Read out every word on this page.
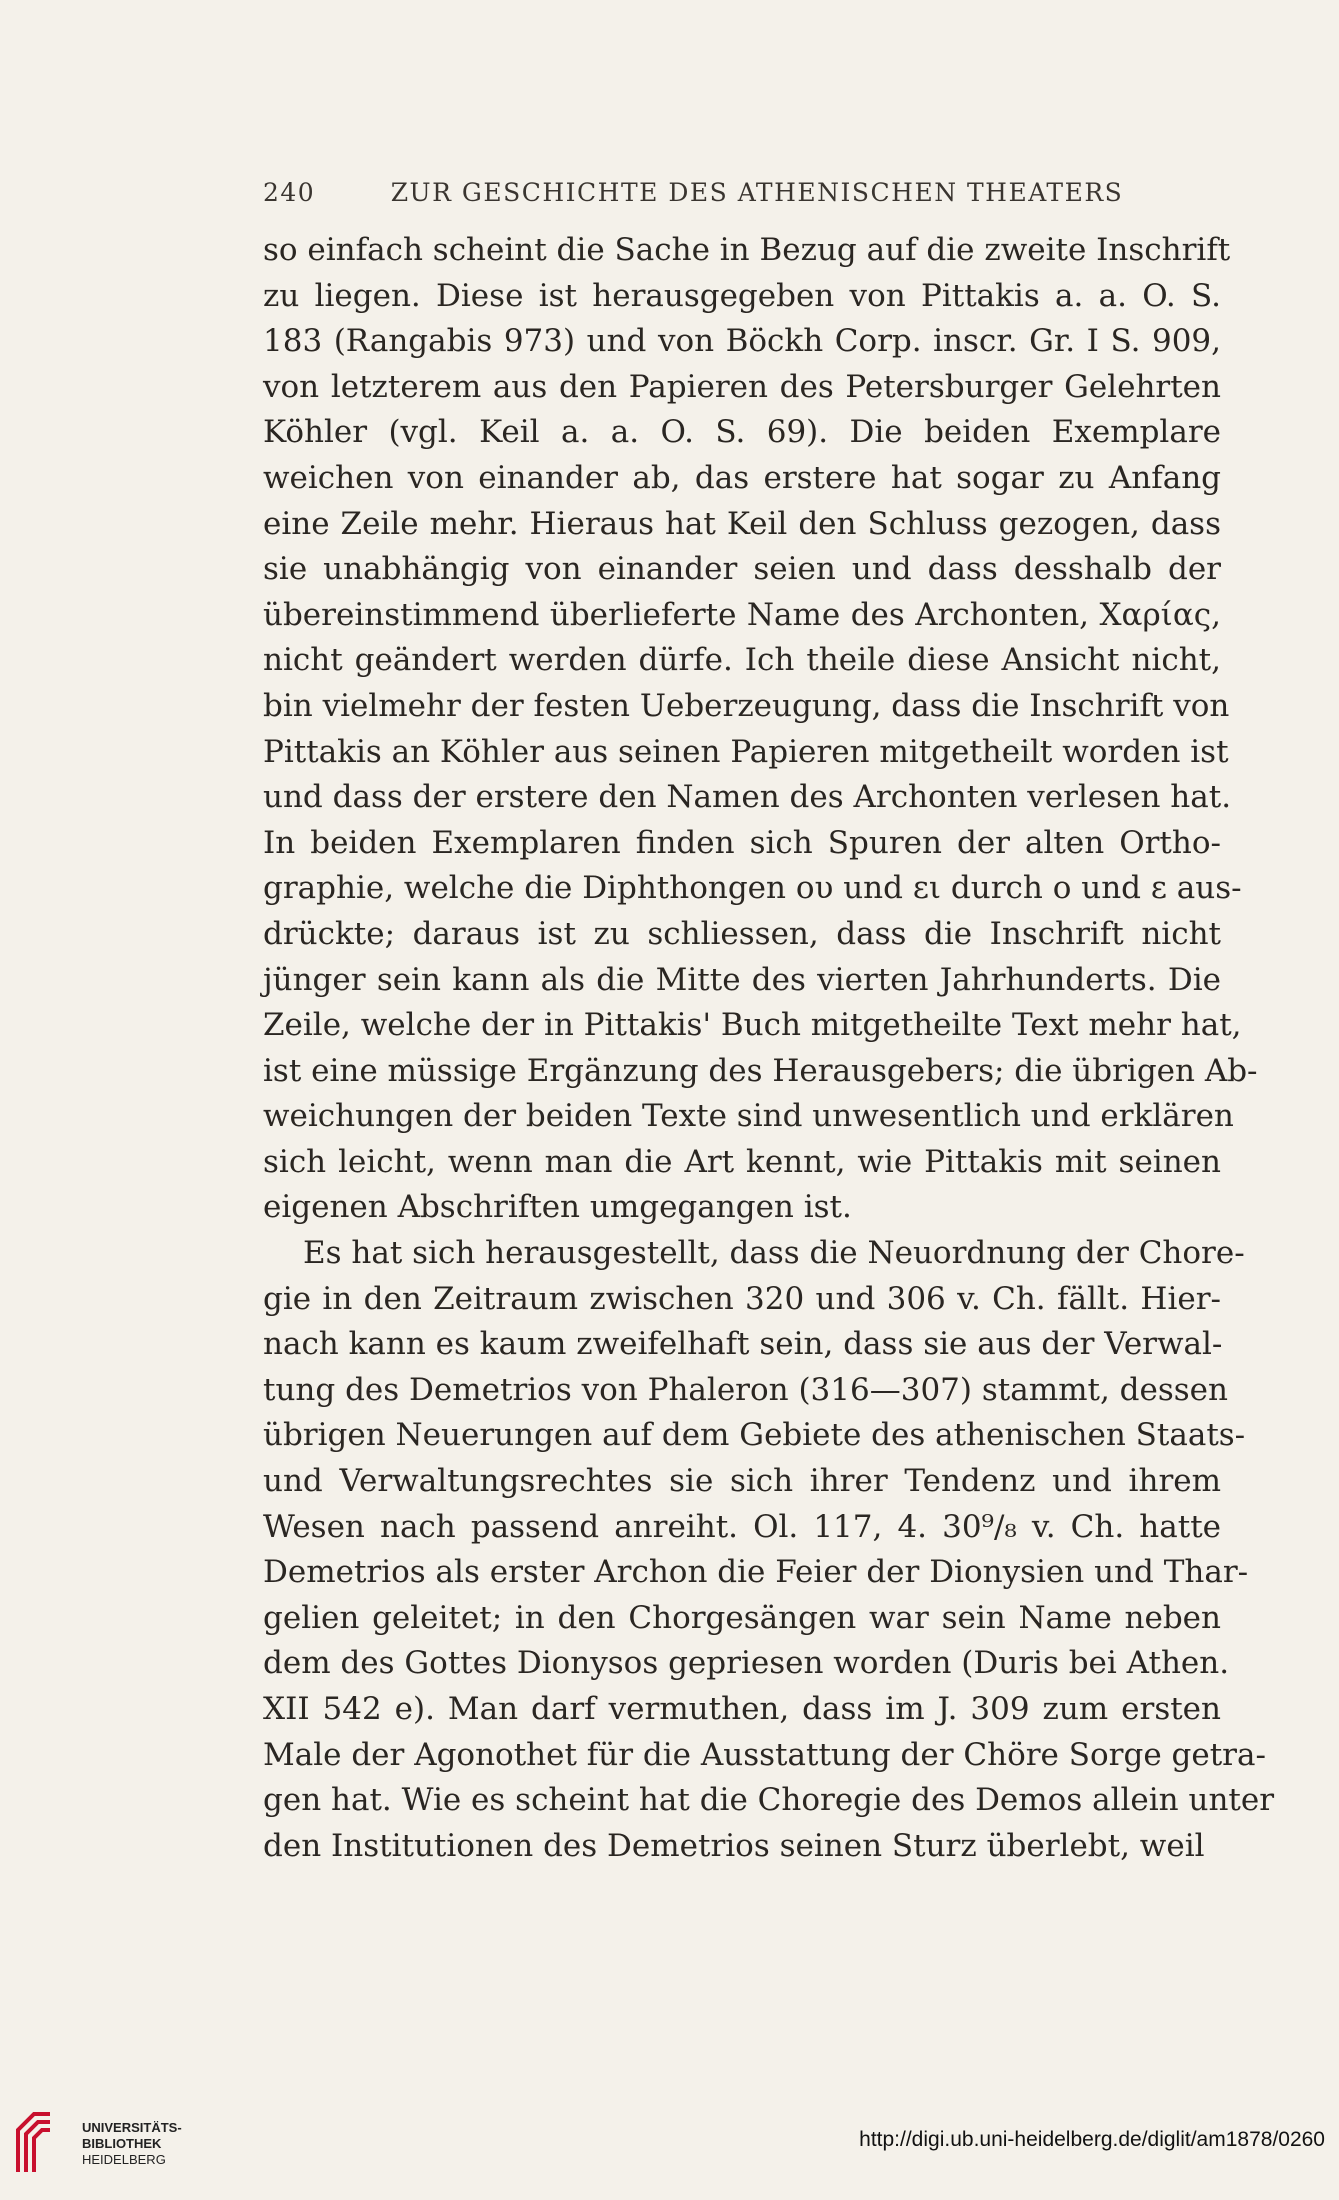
240	ZUR GESCHICHTE DES ATHENISCHEN THEATERS
so einfach scheint die Sache in Bezug auf die zweite Inschrift
zu liegen. Diese ist herausgegeben von Pittakis a. a. O. S.
183 (Rangabis 973) und von Böckh Corp. inscr. Gr. I S. 909,
von letzterem aus den Papieren des Petersburger Gelehrten
Köhler (vgl. Keil a. a. O. S. 69). Die beiden Exemplare
weichen von einander ab, das erstere hat sogar zu Anfang
eine Zeile mehr. Hieraus hat Keil den Schluss gezogen, dass
sie unabhängig von einander seien und dass desshalb der
übereinstimmend überlieferte Name des Archonten, Χαρίας,
nicht geändert werden dürfe. Ich theile diese Ansicht nicht,
bin vielmehr der festen Ueberzeugung, dass die Inschrift von
Pittakis an Köhler aus seinen Papieren mitgetheilt worden ist
und dass der erstere den Namen des Archonten verlesen hat.
In beiden Exemplaren finden sich Spuren der alten Ortho-
graphie, welche die Diphthongen ου und ει durch ο und ε aus-
drückte; daraus ist zu schliessen, dass die Inschrift nicht
jünger sein kann als die Mitte des vierten Jahrhunderts. Die
Zeile, welche der in Pittakis' Buch mitgetheilte Text mehr hat,
ist eine müssige Ergänzung des Herausgebers; die übrigen Ab-
weichungen der beiden Texte sind unwesentlich und erklären
sich leicht, wenn man die Art kennt, wie Pittakis mit seinen
eigenen Abschriften umgegangen ist.
Es hat sich herausgestellt, dass die Neuordnung der Chore-
gie in den Zeitraum zwischen 320 und 306 v. Ch. fällt. Hier-
nach kann es kaum zweifelhaft sein, dass sie aus der Verwal-
tung des Demetrios von Phaleron (316—307) stammt, dessen
übrigen Neuerungen auf dem Gebiete des athenischen Staats-
und Verwaltungsrechtes sie sich ihrer Tendenz und ihrem
Wesen nach passend anreiht. Ol. 117, 4. 30⁹/₈ v. Ch. hatte
Demetrios als erster Archon die Feier der Dionysien und Thar-
gelien geleitet; in den Chorgesängen war sein Name neben
dem des Gottes Dionysos gepriesen worden (Duris bei Athen.
XII 542 e). Man darf vermuthen, dass im J. 309 zum ersten
Male der Agonothet für die Ausstattung der Chöre Sorge getra-
gen hat. Wie es scheint hat die Choregie des Demos allein unter
den Institutionen des Demetrios seinen Sturz überlebt, weil
UNIVERSITÄTS-
BIBLIOTHEK
HEIDELBERG
http://digi.ub.uni-heidelberg.de/diglit/am1878/0260
